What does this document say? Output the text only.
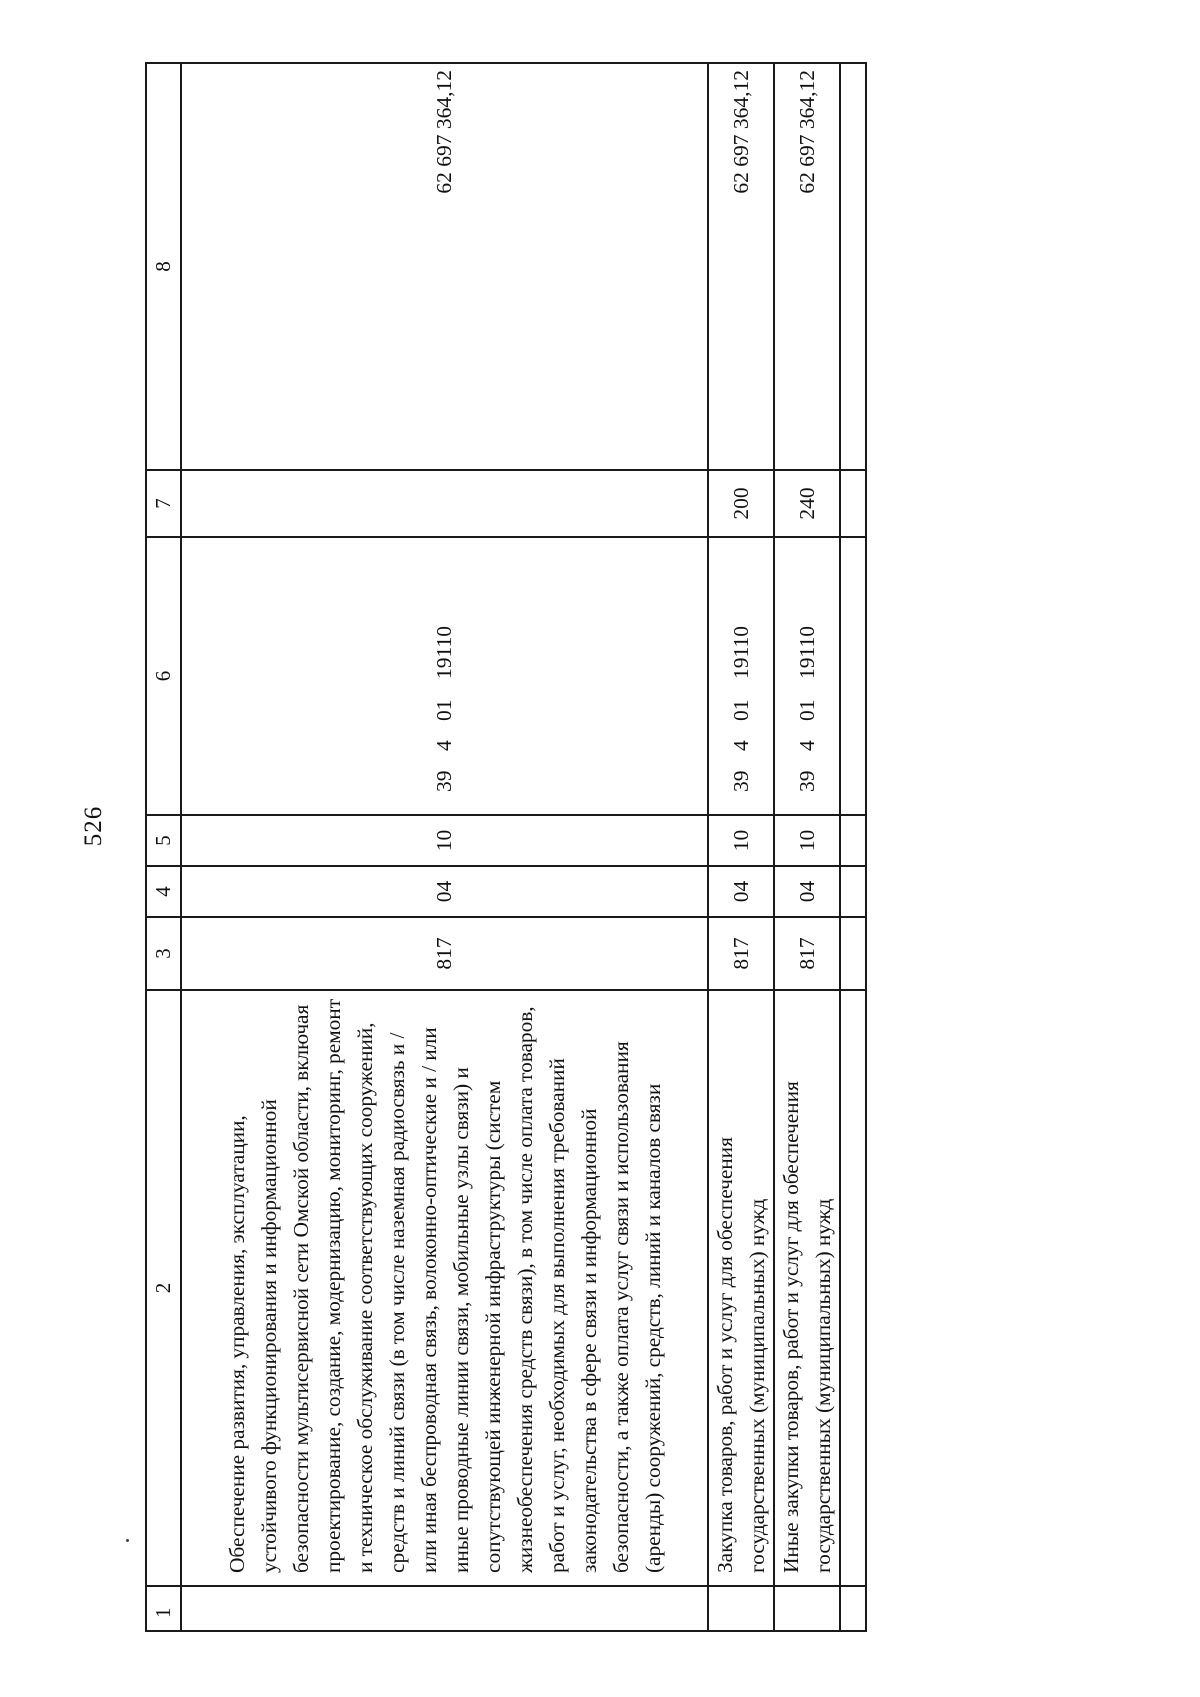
526
1	2	3	4	5	6	7	8
	Обеспечение развития, управления, эксплуатации, устойчивого функционирования и информационной безопасности мультисервисной сети Омской области, включая проектирование, создание, модернизацию, мониторинг, ремонт и техническое обслуживание соответствующих сооружений, средств и линий связи (в том числе наземная радиосвязь и / или иная беспроводная связь, волоконно-оптические и / или иные проводные линии связи, мобильные узлы связи) и сопутствующей инженерной инфраструктуры (систем жизнеобеспечения средств связи), в том числе оплата товаров, работ и услуг, необходимых для выполнения требований законодательства в сфере связи и информационной безопасности, а также оплата услуг связи и использования (аренды) сооружений, средств, линий и каналов связи	817	04	10	3940119110		62 697 364,12
	Закупка товаров, работ и услуг для обеспечения государственных (муниципальных) нужд	817	04	10	3940119110	200	62 697 364,12
	Иные закупки товаров, работ и услуг для обеспечения государственных (муниципальных) нужд	817	04	10	3940119110	240	62 697 364,12
